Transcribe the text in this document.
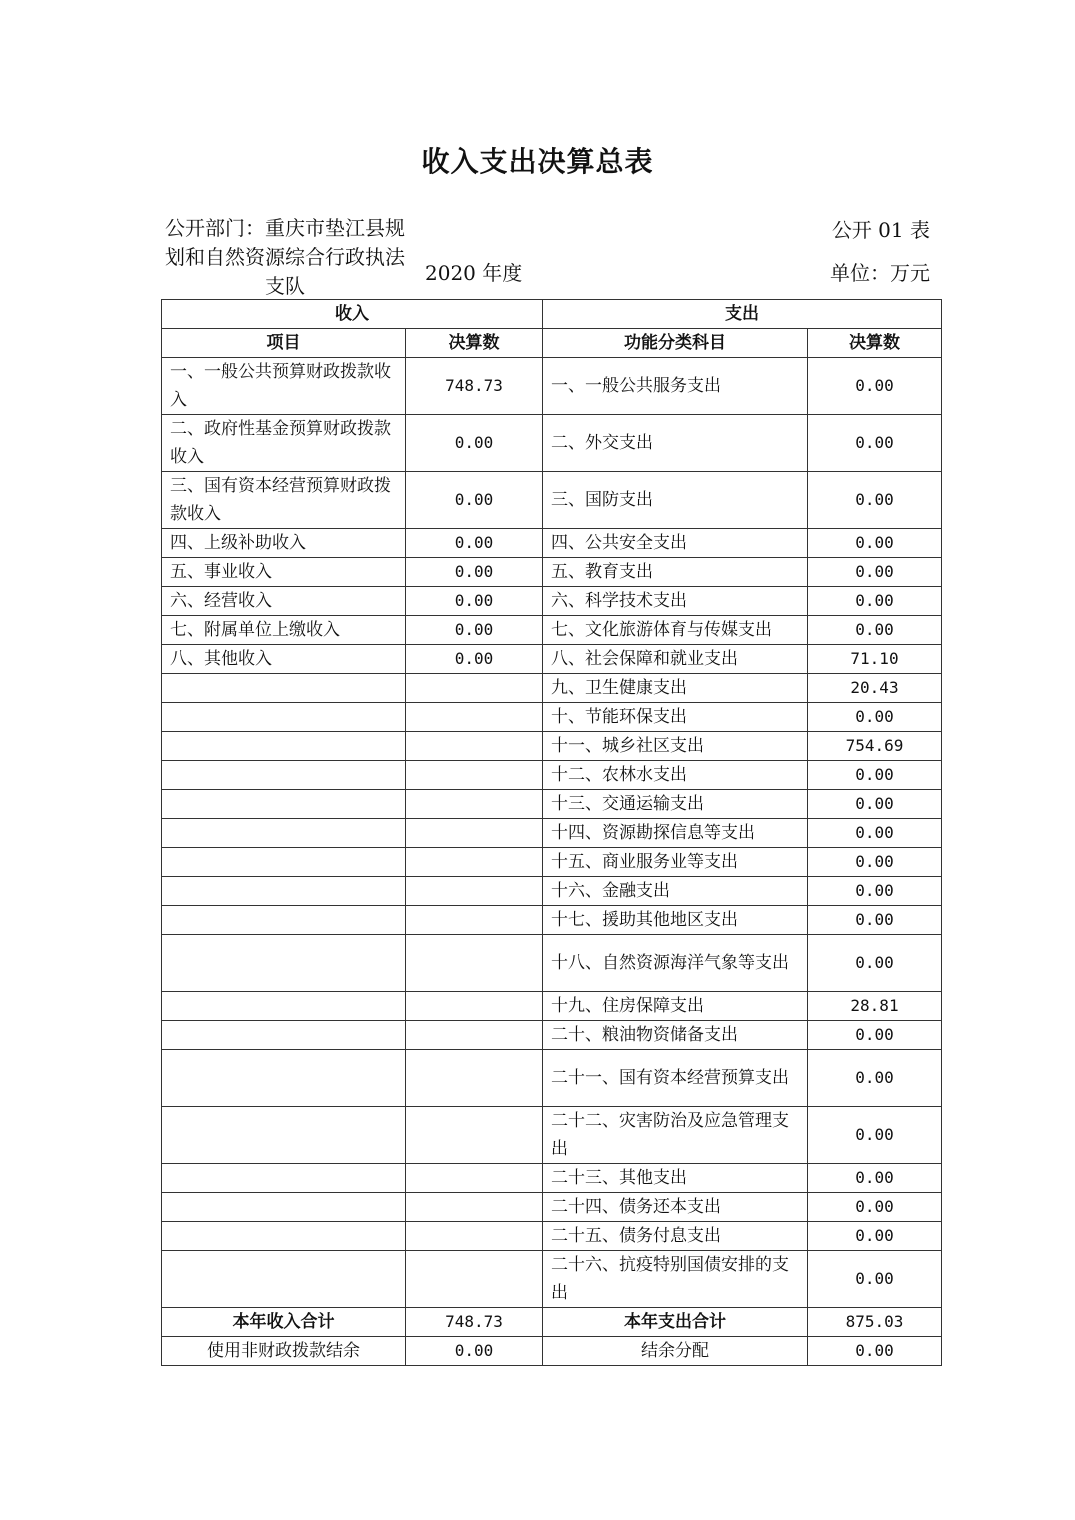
收入支出决算总表
公开部门：重庆市垫江县规划和自然资源综合行政执法支队
2020 年度
公开 01 表
单位：万元
收入		支出	
项目	决算数	功能分类科目	决算数
一、一般公共预算财政拨款收入	748.73	一、一般公共服务支出	0.00
二、政府性基金预算财政拨款收入	0.00	二、外交支出	0.00
三、国有资本经营预算财政拨款收入	0.00	三、国防支出	0.00
四、上级补助收入	0.00	四、公共安全支出	0.00
五、事业收入	0.00	五、教育支出	0.00
六、经营收入	0.00	六、科学技术支出	0.00
七、附属单位上缴收入	0.00	七、文化旅游体育与传媒支出	0.00
八、其他收入	0.00	八、社会保障和就业支出	71.10
		九、卫生健康支出	20.43
		十、节能环保支出	0.00
		十一、城乡社区支出	754.69
		十二、农林水支出	0.00
		十三、交通运输支出	0.00
		十四、资源勘探信息等支出	0.00
		十五、商业服务业等支出	0.00
		十六、金融支出	0.00
		十七、援助其他地区支出	0.00
		十八、自然资源海洋气象等支出	0.00
		十九、住房保障支出	28.81
		二十、粮油物资储备支出	0.00
		二十一、国有资本经营预算支出	0.00
		二十二、灾害防治及应急管理支出	0.00
		二十三、其他支出	0.00
		二十四、债务还本支出	0.00
		二十五、债务付息支出	0.00
		二十六、抗疫特别国债安排的支出	0.00
本年收入合计	748.73	本年支出合计	875.03
使用非财政拨款结余	0.00	结余分配	0.00
